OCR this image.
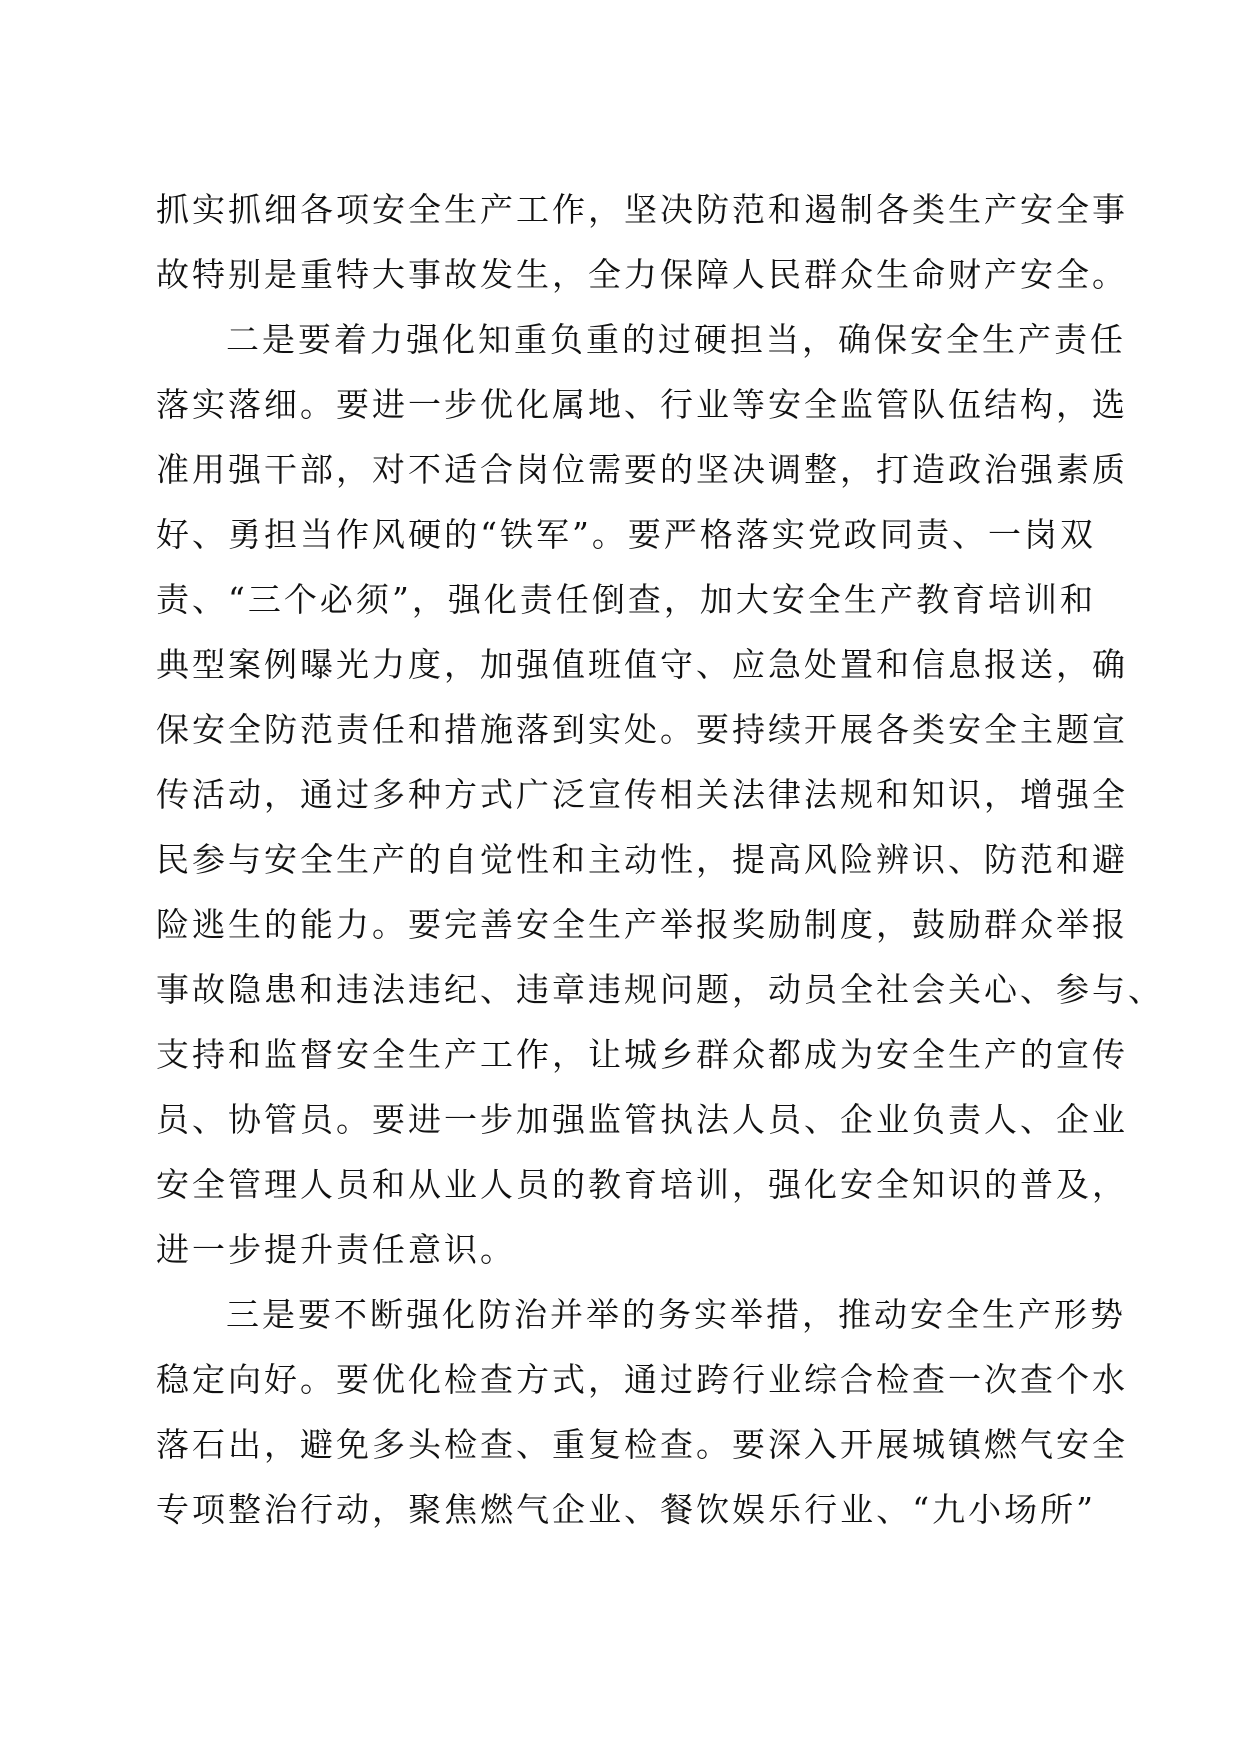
抓实抓细各项安全生产工作，坚决防范和遏制各类生产安全事
故特别是重特大事故发生，全力保障人民群众生命财产安全。
二是要着力强化知重负重的过硬担当，确保安全生产责任
落实落细。要进一步优化属地、行业等安全监管队伍结构，选
准用强干部，对不适合岗位需要的坚决调整，打造政治强素质
好、勇担当作风硬的“铁军”。要严格落实党政同责、一岗双
责、“三个必须”，强化责任倒查，加大安全生产教育培训和
典型案例曝光力度，加强值班值守、应急处置和信息报送，确
保安全防范责任和措施落到实处。要持续开展各类安全主题宣
传活动，通过多种方式广泛宣传相关法律法规和知识，增强全
民参与安全生产的自觉性和主动性，提高风险辨识、防范和避
险逃生的能力。要完善安全生产举报奖励制度，鼓励群众举报
事故隐患和违法违纪、违章违规问题，动员全社会关心、参与、
支持和监督安全生产工作，让城乡群众都成为安全生产的宣传
员、协管员。要进一步加强监管执法人员、企业负责人、企业
安全管理人员和从业人员的教育培训，强化安全知识的普及，
进一步提升责任意识。
三是要不断强化防治并举的务实举措，推动安全生产形势
稳定向好。要优化检查方式，通过跨行业综合检查一次查个水
落石出，避免多头检查、重复检查。要深入开展城镇燃气安全
专项整治行动，聚焦燃气企业、餐饮娱乐行业、“九小场所”
